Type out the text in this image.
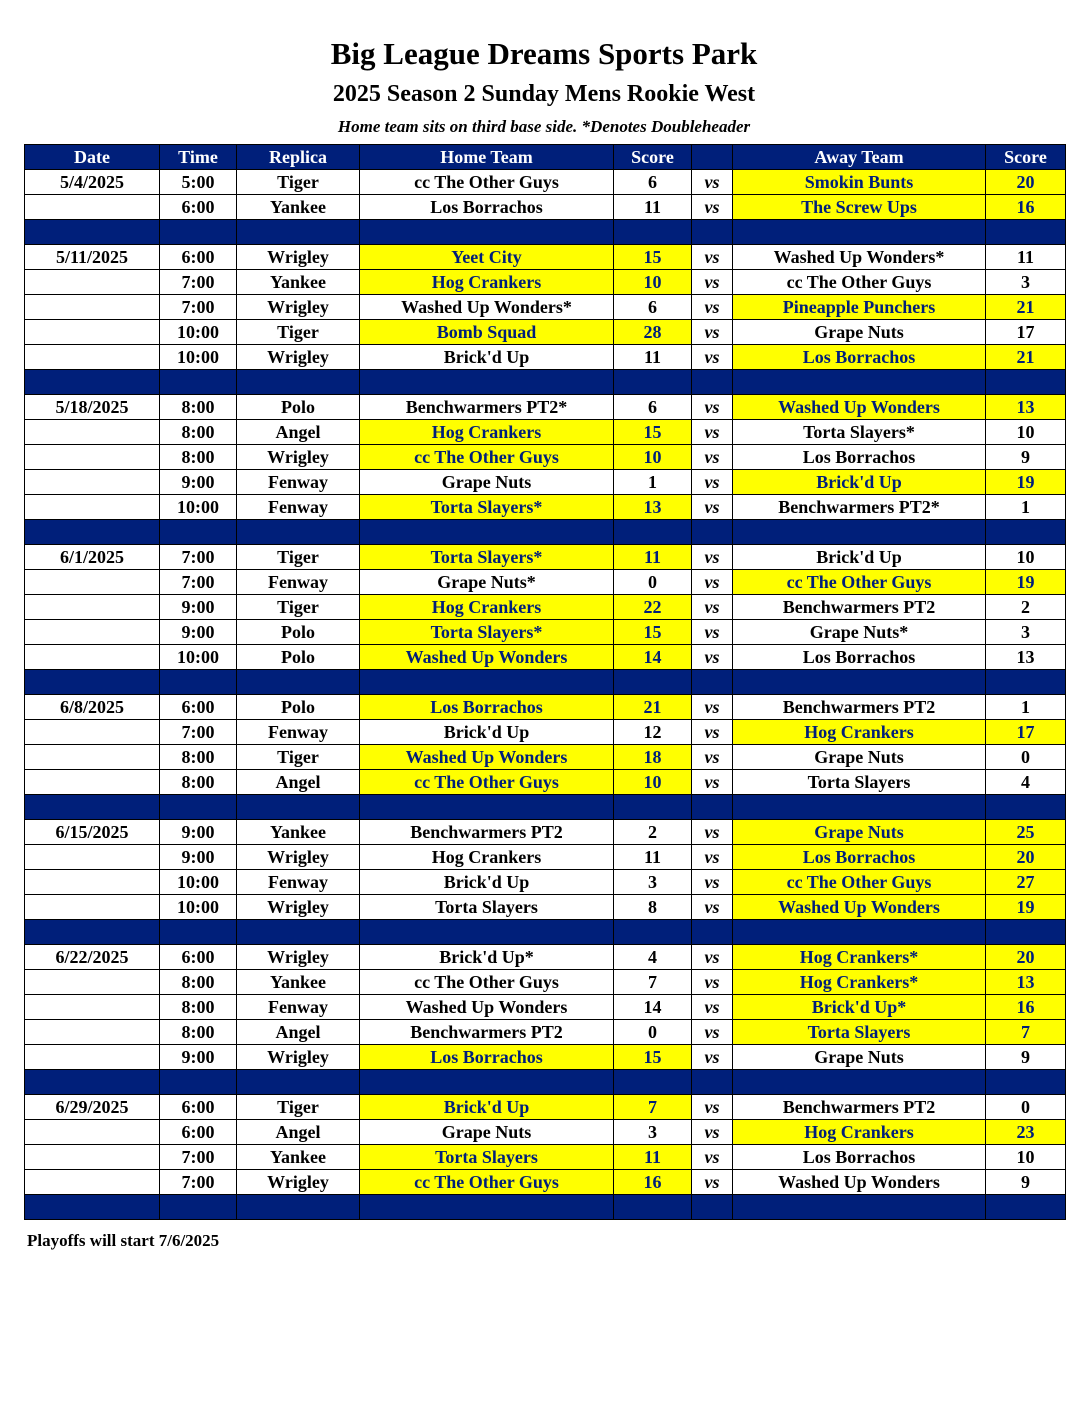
Big League Dreams Sports Park
2025 Season 2 Sunday Mens Rookie West
Home team sits on third base side. *Denotes Doubleheader
Date	Time	Replica	Home Team	Score		Away Team	Score
5/4/2025	5:00	Tiger	cc The Other Guys	6	vs	Smokin Bunts	20
	6:00	Yankee	Los Borrachos	11	vs	The Screw Ups	16

5/11/2025	6:00	Wrigley	Yeet City	15	vs	Washed Up Wonders*	11
	7:00	Yankee	Hog Crankers	10	vs	cc The Other Guys	3
	7:00	Wrigley	Washed Up Wonders*	6	vs	Pineapple Punchers	21
	10:00	Tiger	Bomb Squad	28	vs	Grape Nuts	17
	10:00	Wrigley	Brick'd Up	11	vs	Los Borrachos	21

5/18/2025	8:00	Polo	Benchwarmers PT2*	6	vs	Washed Up Wonders	13
	8:00	Angel	Hog Crankers	15	vs	Torta Slayers*	10
	8:00	Wrigley	cc The Other Guys	10	vs	Los Borrachos	9
	9:00	Fenway	Grape Nuts	1	vs	Brick'd Up	19
	10:00	Fenway	Torta Slayers*	13	vs	Benchwarmers PT2*	1

6/1/2025	7:00	Tiger	Torta Slayers*	11	vs	Brick'd Up	10
	7:00	Fenway	Grape Nuts*	0	vs	cc The Other Guys	19
	9:00	Tiger	Hog Crankers	22	vs	Benchwarmers PT2	2
	9:00	Polo	Torta Slayers*	15	vs	Grape Nuts*	3
	10:00	Polo	Washed Up Wonders	14	vs	Los Borrachos	13

6/8/2025	6:00	Polo	Los Borrachos	21	vs	Benchwarmers PT2	1
	7:00	Fenway	Brick'd Up	12	vs	Hog Crankers	17
	8:00	Tiger	Washed Up Wonders	18	vs	Grape Nuts	0
	8:00	Angel	cc The Other Guys	10	vs	Torta Slayers	4

6/15/2025	9:00	Yankee	Benchwarmers PT2	2	vs	Grape Nuts	25
	9:00	Wrigley	Hog Crankers	11	vs	Los Borrachos	20
	10:00	Fenway	Brick'd Up	3	vs	cc The Other Guys	27
	10:00	Wrigley	Torta Slayers	8	vs	Washed Up Wonders	19

6/22/2025	6:00	Wrigley	Brick'd Up*	4	vs	Hog Crankers*	20
	8:00	Yankee	cc The Other Guys	7	vs	Hog Crankers*	13
	8:00	Fenway	Washed Up Wonders	14	vs	Brick'd Up*	16
	8:00	Angel	Benchwarmers PT2	0	vs	Torta Slayers	7
	9:00	Wrigley	Los Borrachos	15	vs	Grape Nuts	9

6/29/2025	6:00	Tiger	Brick'd Up	7	vs	Benchwarmers PT2	0
	6:00	Angel	Grape Nuts	3	vs	Hog Crankers	23
	7:00	Yankee	Torta Slayers	11	vs	Los Borrachos	10
	7:00	Wrigley	cc The Other Guys	16	vs	Washed Up Wonders	9

Playoffs will start 7/6/2025
